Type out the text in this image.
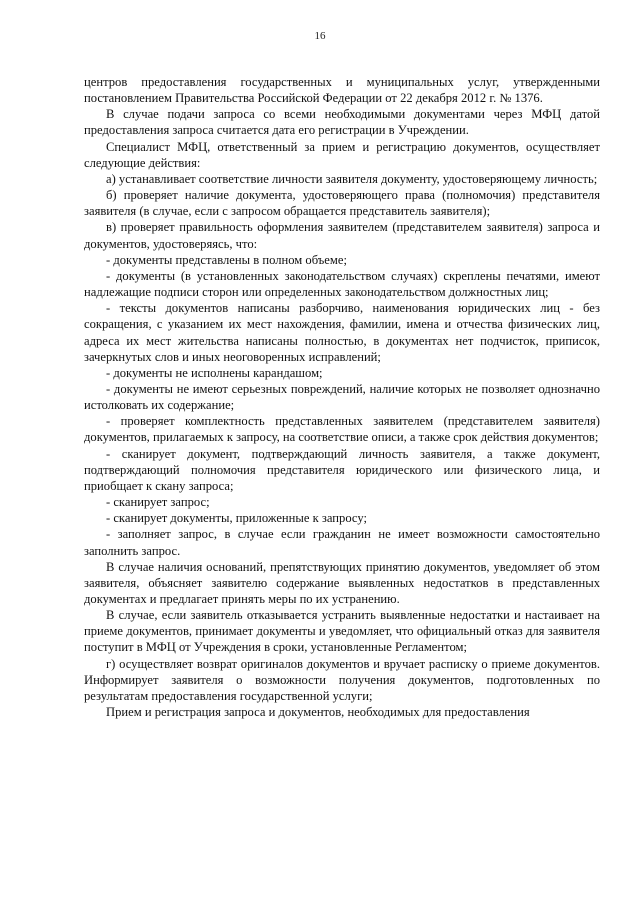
16

центров предоставления государственных и муниципальных услуг, утвержденными постановлением Правительства Российской Федерации от 22 декабря 2012 г. № 1376.

В случае подачи запроса со всеми необходимыми документами через МФЦ датой предоставления запроса считается дата его регистрации в Учреждении.

Специалист МФЦ, ответственный за прием и регистрацию документов, осуществляет следующие действия:

а) устанавливает соответствие личности заявителя документу, удостоверяющему личность;

б) проверяет наличие документа, удостоверяющего права (полномочия) представителя заявителя (в случае, если с запросом обращается представитель заявителя);

в) проверяет правильность оформления заявителем (представителем заявителя) запроса и документов, удостоверяясь, что:

- документы представлены в полном объеме;

- документы (в установленных законодательством случаях) скреплены печатями, имеют надлежащие подписи сторон или определенных законодательством должностных лиц;

- тексты документов написаны разборчиво, наименования юридических лиц - без сокращения, с указанием их мест нахождения, фамилии, имена и отчества физических лиц, адреса их мест жительства написаны полностью, в документах нет подчисток, приписок, зачеркнутых слов и иных неоговоренных исправлений;

- документы не исполнены карандашом;

- документы не имеют серьезных повреждений, наличие которых не позволяет однозначно истолковать их содержание;

- проверяет комплектность представленных заявителем (представителем заявителя) документов, прилагаемых к запросу, на соответствие описи, а также срок действия документов;

- сканирует документ, подтверждающий личность заявителя, а также документ, подтверждающий полномочия представителя юридического или физического лица, и приобщает к скану запроса;

- сканирует запрос;

- сканирует документы, приложенные к запросу;

- заполняет запрос, в случае если гражданин не имеет возможности самостоятельно заполнить запрос.

В случае наличия оснований, препятствующих принятию документов, уведомляет об этом заявителя, объясняет заявителю содержание выявленных недостатков в представленных документах и предлагает принять меры по их устранению.

В случае, если заявитель отказывается устранить выявленные недостатки и настаивает на приеме документов, принимает документы и уведомляет, что официальный отказ для заявителя поступит в МФЦ от Учреждения в сроки, установленные Регламентом;

г) осуществляет возврат оригиналов документов и вручает расписку о приеме документов. Информирует заявителя о возможности получения документов, подготовленных по результатам предоставления государственной услуги;

Прием и регистрация запроса и документов, необходимых для предоставления
